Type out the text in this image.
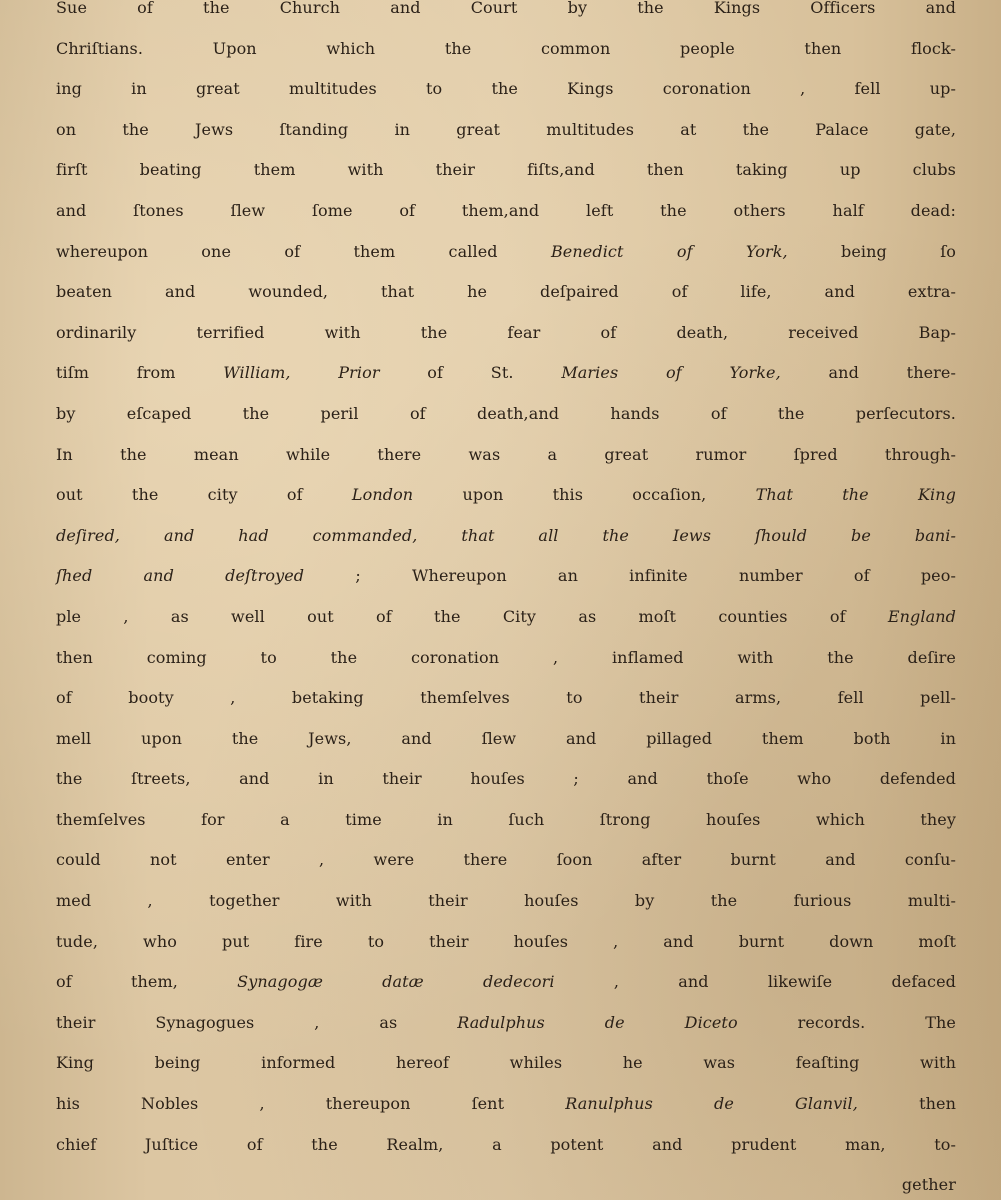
Sue of the Church and Court by the Kings Officers and
Chriſtians. Upon which the common people then flock-
ing in great multitudes to the Kings coronation , fell up-
on the Jews ſtanding in great multitudes at the Palace gate,
firſt beating them with their fiſts,and then taking up clubs
and ſtones ſlew ſome of them,and left the others half dead:
whereupon one of them called Benedict of York, being ſo
beaten and wounded, that he deſpaired of life, and extra-
ordinarily terrified with the fear of death, received Bap-
tiſm from William, Prior of St. Maries of Yorke, and there-
by eſcaped the peril of death,and hands of the perſecutors.
In the mean while there was a great rumor ſpred through-
out the city of London upon this occaſion, That the King
deſired, and had commanded, that all the Iews ſhould be bani-
ſhed and deſtroyed ; Whereupon an infinite number of peo-
ple , as well out of the City as moſt counties of England
then coming to the coronation , inflamed with the deſire
of booty , betaking themſelves to their arms, fell pell-
mell upon the Jews, and ſlew and pillaged them both in
the ſtreets, and in their houſes ; and thoſe who defended
themſelves for a time in ſuch ſtrong houſes which they
could not enter , were there ſoon after burnt and conſu-
med , together with their houſes by the furious multi-
tude, who put fire to their houſes , and burnt down moſt
of them, Synagogæ datæ dedecori , and likewiſe defaced
their Synagogues , as Radulphus de Diceto records. The
King being informed hereof whiles he was feaſting with
his Nobles , thereupon ſent Ranulphus de Glanvil, then
chief Juſtice of the Realm, a potent and prudent man, to-
gether
